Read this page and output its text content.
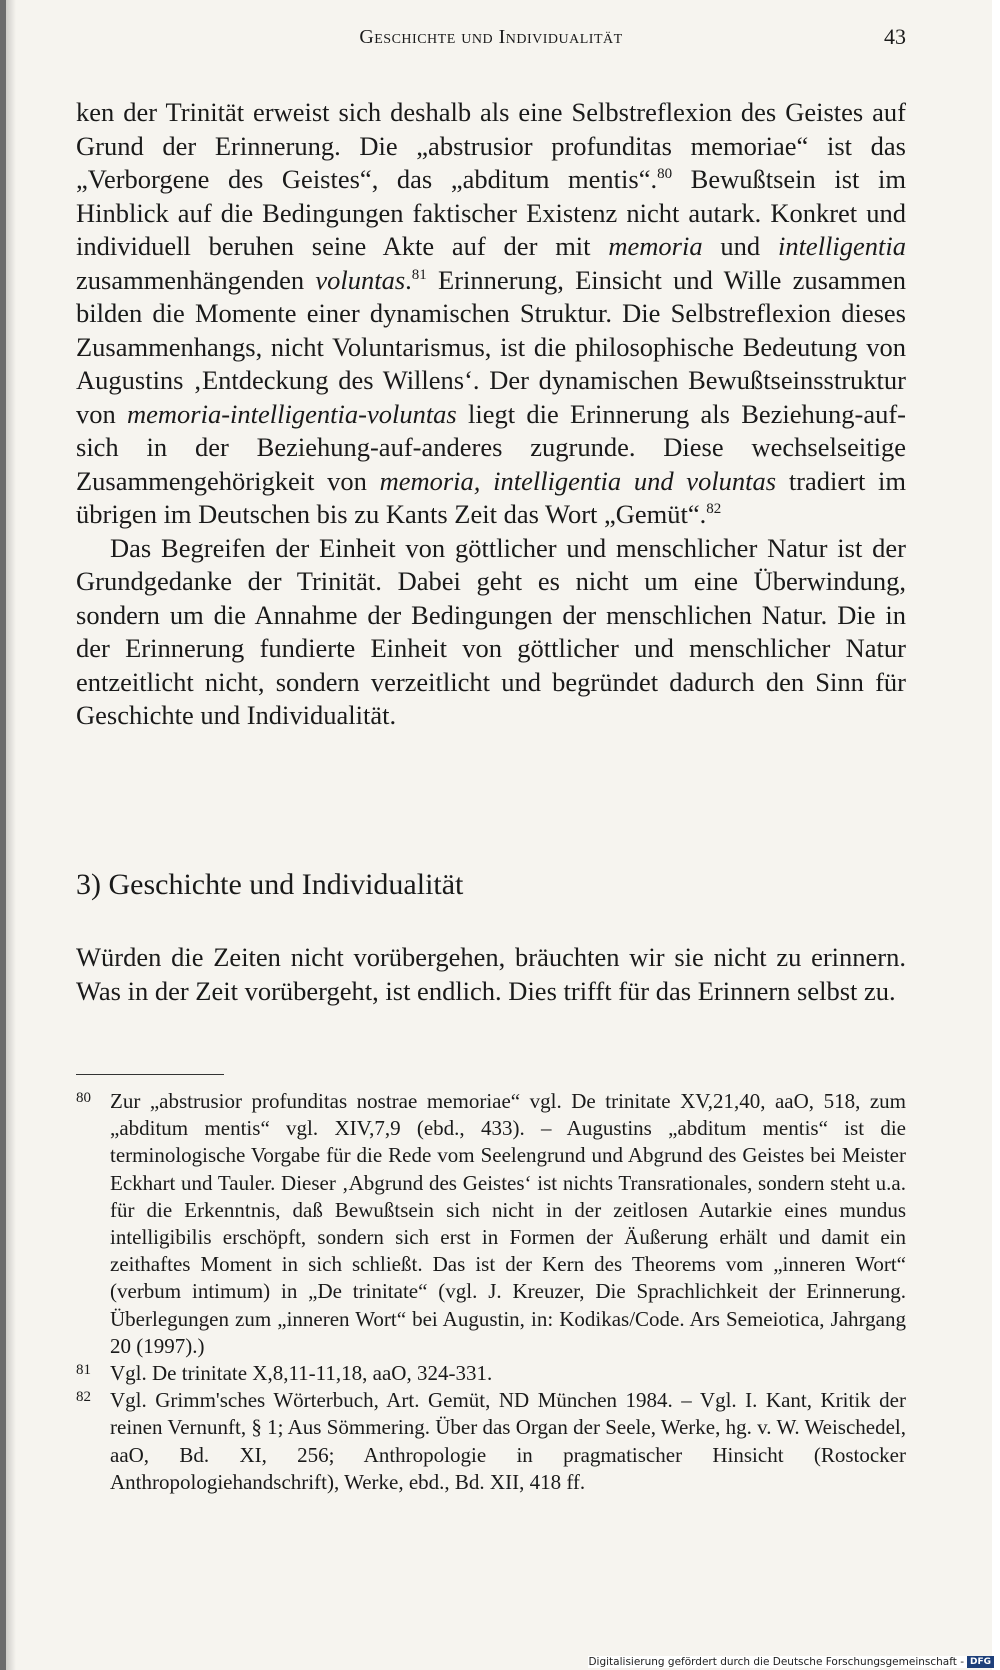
Geschichte und Individualität	43

ken der Trinität erweist sich deshalb als eine Selbstreflexion des Geistes auf Grund der Erinnerung. Die „abstrusior profunditas memoriae“ ist das „Verborgene des Geistes“, das „abditum mentis“.$^{80}$ Bewußtsein ist im Hinblick auf die Bedingungen faktischer Existenz nicht autark. Konkret und individuell beruhen seine Akte auf der mit memoria und intelligentia zusammenhängenden voluntas.$^{81}$ Erinnerung, Einsicht und Wille zusammen bilden die Momente einer dynamischen Struktur. Die Selbstreflexion dieses Zusammenhangs, nicht Voluntarismus, ist die philosophische Bedeutung von Augustins ‚Entdeckung des Willens‘. Der dynamischen Bewußtseinsstruktur von memoria-intelligentia-voluntas liegt die Erinnerung als Beziehung-auf-sich in der Beziehung-auf-anderes zugrunde. Diese wechselseitige Zusammengehörigkeit von memoria, intelligentia und voluntas tradiert im übrigen im Deutschen bis zu Kants Zeit das Wort „Gemüt“.$^{82}$

Das Begreifen der Einheit von göttlicher und menschlicher Natur ist der Grundgedanke der Trinität. Dabei geht es nicht um eine Überwindung, sondern um die Annahme der Bedingungen der menschlichen Natur. Die in der Erinnerung fundierte Einheit von göttlicher und menschlicher Natur entzeitlicht nicht, sondern verzeitlicht und begründet dadurch den Sinn für Geschichte und Individualität.

3) Geschichte und Individualität

Würden die Zeiten nicht vorübergehen, bräuchten wir sie nicht zu erinnern. Was in der Zeit vorübergeht, ist endlich. Dies trifft für das Erinnern selbst zu.

80 Zur „abstrusior profunditas nostrae memoriae“ vgl. De trinitate XV,21,40, aaO, 518, zum „abditum mentis“ vgl. XIV,7,9 (ebd., 433). – Augustins „abditum mentis“ ist die terminologische Vorgabe für die Rede vom Seelengrund und Abgrund des Geistes bei Meister Eckhart und Tauler. Dieser ‚Abgrund des Geistes‘ ist nichts Transrationales, sondern steht u.a. für die Erkenntnis, daß Bewußtsein sich nicht in der zeitlosen Autarkie eines mundus intelligibilis erschöpft, sondern sich erst in Formen der Äußerung erhält und damit ein zeithaftes Moment in sich schließt. Das ist der Kern des Theorems vom „inneren Wort“ (verbum intimum) in „De trinitate“ (vgl. J. Kreuzer, Die Sprachlichkeit der Erinnerung. Überlegungen zum „inneren Wort“ bei Augustin, in: Kodikas/Code. Ars Semeiotica, Jahrgang 20 (1997).)
81 Vgl. De trinitate X,8,11-11,18, aaO, 324-331.
82 Vgl. Grimm'sches Wörterbuch, Art. Gemüt, ND München 1984. – Vgl. I. Kant, Kritik der reinen Vernunft, § 1; Aus Sömmering. Über das Organ der Seele, Werke, hg. v. W. Weischedel, aaO, Bd. XI, 256; Anthropologie in pragmatischer Hinsicht (Rostocker Anthropologiehandschrift), Werke, ebd., Bd. XII, 418 ff.
Digitalisierung gefördert durch die Deutsche Forschungsgemeinschaft - DFG
